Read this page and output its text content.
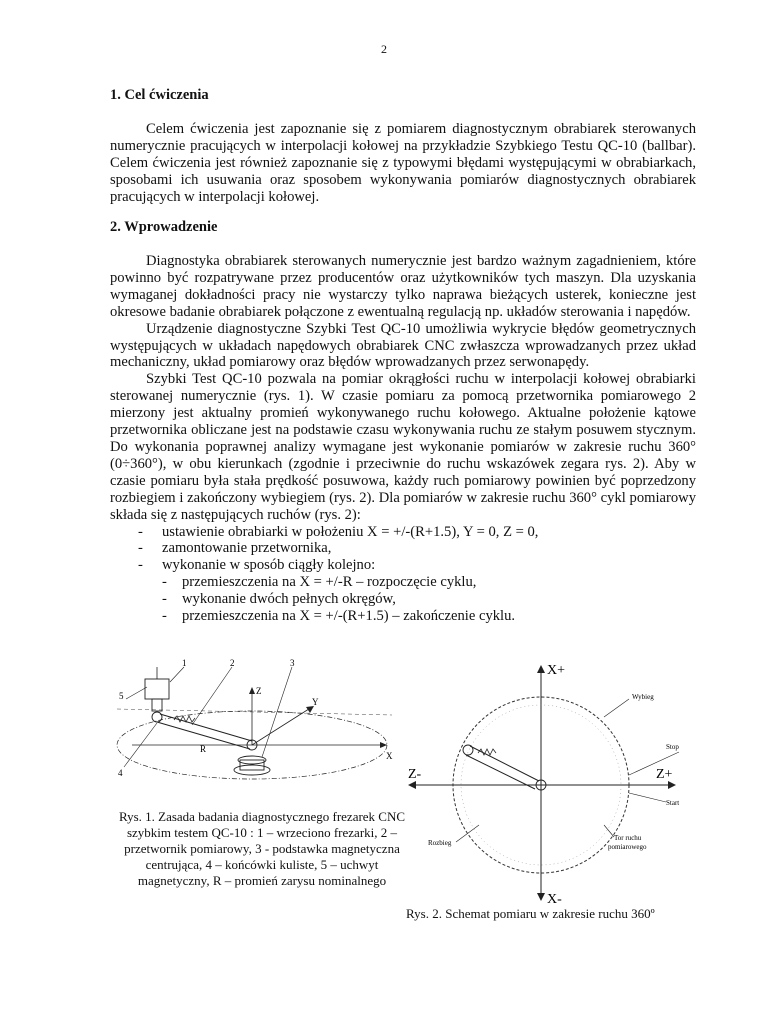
2
1. Cel ćwiczenia

Celem ćwiczenia jest zapoznanie się z pomiarem diagnostycznym obrabiarek sterowanych numerycznie pracujących w interpolacji kołowej na przykładzie Szybkiego Testu QC-10 (ballbar). Celem ćwiczenia jest również zapoznanie się z typowymi błędami występującymi w obrabiarkach, sposobami ich usuwania oraz sposobem wykonywania pomiarów diagnostycznych obrabiarek pracujących w interpolacji kołowej.

2. Wprowadzenie

Diagnostyka obrabiarek sterowanych numerycznie jest bardzo ważnym zagadnieniem, które powinno być rozpatrywane przez producentów oraz użytkowników tych maszyn. Dla uzyskania wymaganej dokładności pracy nie wystarczy tylko naprawa bieżących usterek, konieczne jest okresowe badanie obrabiarek połączone z ewentualną regulacją np. układów sterowania i napędów.

Urządzenie diagnostyczne Szybki Test QC-10 umożliwia wykrycie błędów geometrycznych występujących w układach napędowych obrabiarek CNC zwłaszcza wprowadzanych przez układ mechaniczny, układ pomiarowy oraz błędów wprowadzanych przez serwonapędy.

Szybki Test QC-10 pozwala na pomiar okrągłości ruchu w interpolacji kołowej obrabiarki sterowanej numerycznie (rys. 1). W czasie pomiaru za pomocą przetwornika pomiarowego 2 mierzony jest aktualny promień wykonywanego ruchu kołowego. Aktualne położenie kątowe przetwornika obliczane jest na podstawie czasu wykonywania ruchu ze stałym posuwem stycznym. Do wykonania poprawnej analizy wymagane jest wykonanie pomiarów w zakresie ruchu 360° (0÷360°), w obu kierunkach (zgodnie i przeciwnie do ruchu wskazówek zegara rys. 2). Aby w czasie pomiaru była stała prędkość posuwowa, każdy ruch pomiarowy powinien być poprzedzony rozbiegiem i zakończony wybiegiem (rys. 2). Dla pomiarów w zakresie ruchu 360° cykl pomiarowy składa się z następujących ruchów (rys. 2):

- ustawienie obrabiarki w położeniu X = +/-(R+1.5), Y = 0, Z = 0,
- zamontowanie przetwornika,
- wykonanie w sposób ciągły kolejno:
- przemieszczenia na X = +/-R – rozpoczęcie cyklu,
- wykonanie dwóch pełnych okręgów,
- przemieszczenia na X = +/-(R+1.5) – zakończenie cyklu.
1	2	3
4
5	Z
Y
X
R
Rys. 1. Zasada badania diagnostycznego frezarek CNC szybkim testem QC-10 : 1 – wrzeciono frezarki, 2 – przetwornik pomiarowy, 3 - podstawka magnetyczna centrująca, 4 – końcówki kuliste, 5 – uchwyt magnetyczny, R – promień zarysu nominalnego
X+
X-
Z-	Z+
Wybieg
Stop
Start
Rozbieg
Tor ruchu
pomiarowego
Rys. 2. Schemat pomiaru w zakresie ruchu 360º
